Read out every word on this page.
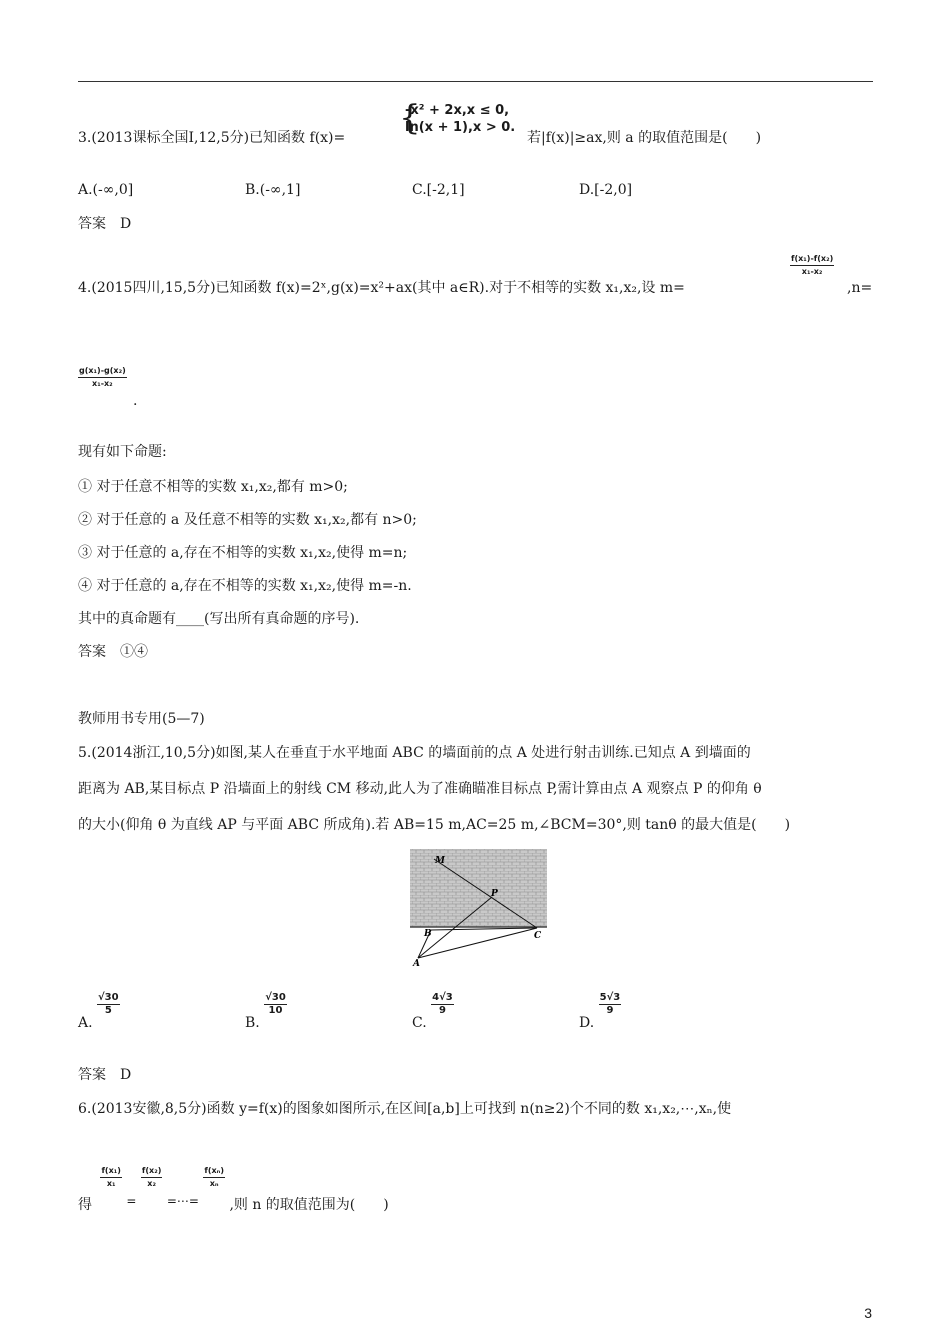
3.(2013课标全国Ⅰ,12,5分)已知函数 f(x)= {
-x² + 2x,x ≤ 0,
ln(x + 1),x > 0.
若|f(x)|≥ax,则 a 的取值范围是(　　)
A.(-∞,0]	B.(-∞,1]	C.[-2,1]	D.[-2,0]
答案　D
4.(2015四川,15,5分)已知函数 f(x)=2ˣ,g(x)=x²+ax(其中 a∈R).对于不相等的实数 x₁,x₂,设 m=
$\frac{\text{f(x₁)-f(x₂)}}{\text{x₁-x₂}}$
,n=
$\frac{\text{g(x₁)-g(x₂)}}{\text{x₁-x₂}}$
.
现有如下命题:
① 对于任意不相等的实数 x₁,x₂,都有 m>0;
② 对于任意的 a 及任意不相等的实数 x₁,x₂,都有 n>0;
③ 对于任意的 a,存在不相等的实数 x₁,x₂,使得 m=n;
④ 对于任意的 a,存在不相等的实数 x₁,x₂,使得 m=-n.
其中的真命题有____(写出所有真命题的序号).
答案　①④
教师用书专用(5—7)
5.(2014浙江,10,5分)如图,某人在垂直于水平地面 ABC 的墙面前的点 A 处进行射击训练.已知点 A 到墙面的
距离为 AB,某目标点 P 沿墙面上的射线 CM 移动,此人为了准确瞄准目标点 P,需计算由点 A 观察点 P 的仰角 θ
的大小(仰角 θ 为直线 AP 与平面 ABC 所成角).若 AB=15 m,AC=25 m,∠BCM=30°,则 tanθ 的最大值是(　　)
M
P
B	C
A
A.
$\frac{√30}{5}$
B.
$\frac{√30}{10}$
C.
$\frac{4√3}{9}$
D.
$\frac{5√3}{9}$
答案　D
6.(2013安徽,8,5分)函数 y=f(x)的图象如图所示,在区间[a,b]上可找到 n(n≥2)个不同的数 x₁,x₂,⋯,xₙ,使
得
$\frac{\text{f(x₁)}}{\text{x₁}}$
=
$\frac{\text{f(x₂)}}{\text{x₂}}$
=⋯=
$\frac{\text{f(xₙ)}}{\text{xₙ}}$
,则 n 的取值范围为(　　)
3
